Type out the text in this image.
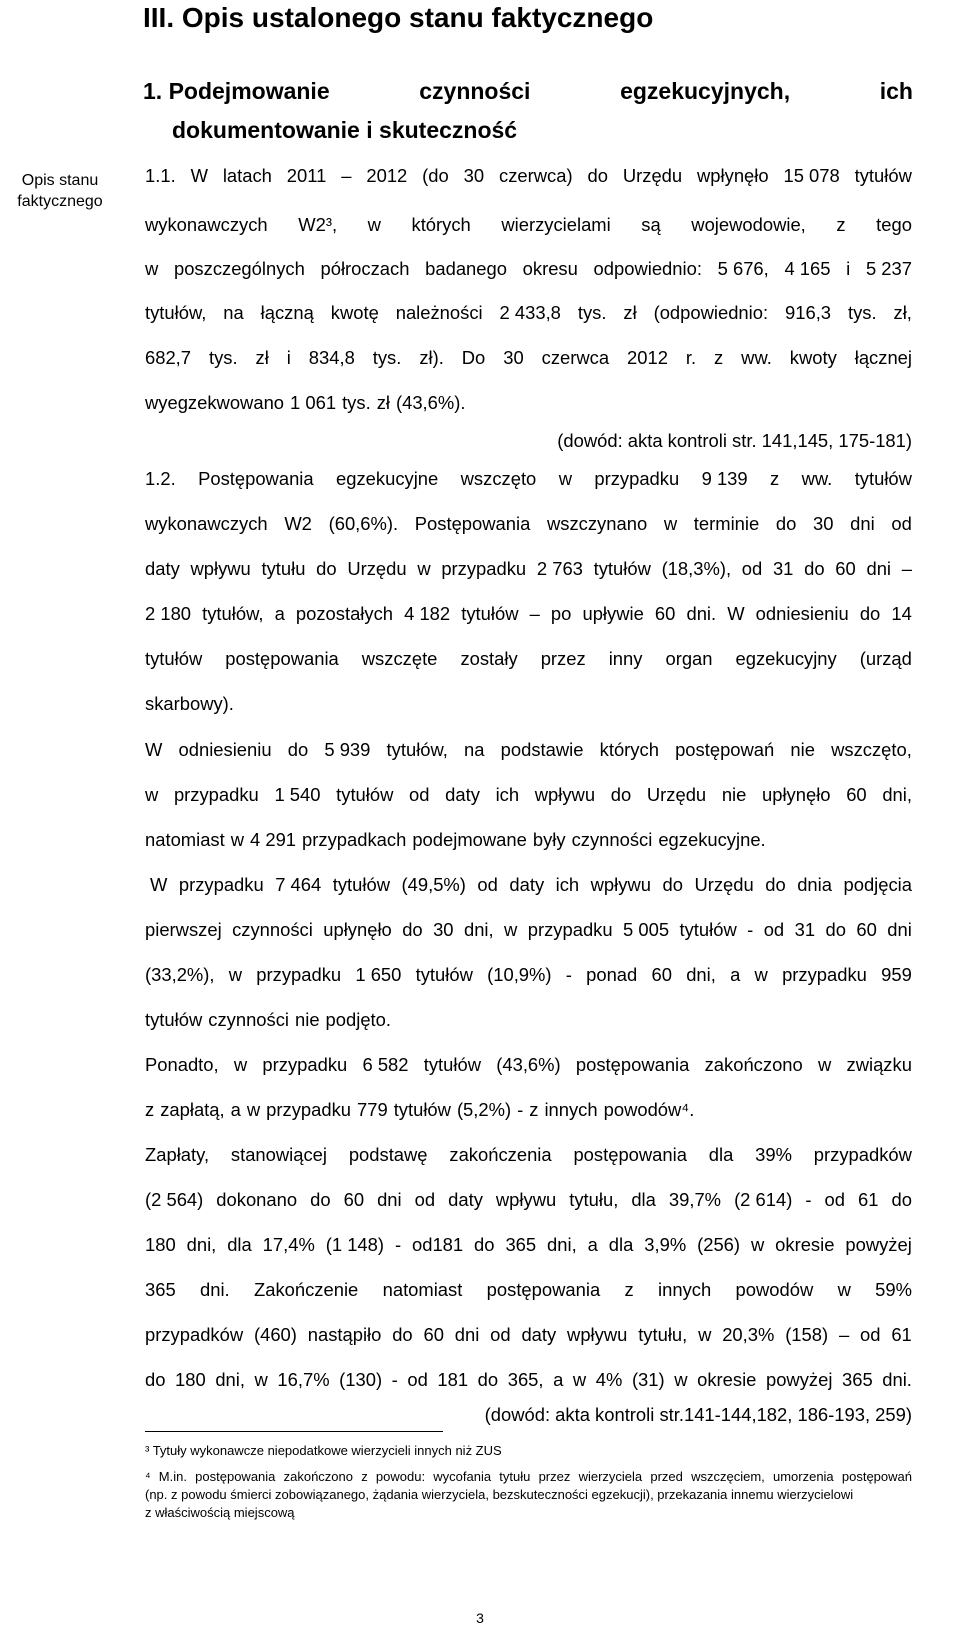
III. Opis ustalonego stanu faktycznego
Opis stanu
faktycznego
1. Podejmowanie	czynności	egzekucyjnych,	ich
dokumentowanie i skuteczność
1.1. W latach 2011 – 2012 (do 30 czerwca) do Urzędu wpłynęło 15 078 tytułów
wykonawczych W2³, w których wierzycielami są wojewodowie, z tego
w poszczególnych półroczach badanego okresu odpowiednio: 5 676, 4 165 i 5 237
tytułów, na łączną kwotę należności 2 433,8 tys. zł (odpowiednio: 916,3 tys. zł,
682,7 tys. zł i 834,8 tys. zł). Do 30 czerwca 2012 r. z ww. kwoty łącznej
wyegzekwowano 1 061 tys. zł (43,6%).
(dowód: akta kontroli str. 141,145, 175-181)
1.2. Postępowania egzekucyjne wszczęto w przypadku 9 139 z ww. tytułów
wykonawczych W2 (60,6%). Postępowania wszczynano w terminie do 30 dni od
daty wpływu tytułu do Urzędu w przypadku 2 763 tytułów (18,3%), od 31 do 60 dni –
2 180 tytułów, a pozostałych 4 182 tytułów – po upływie 60 dni. W odniesieniu do 14
tytułów postępowania wszczęte zostały przez inny organ egzekucyjny (urząd
skarbowy).
W odniesieniu do 5 939 tytułów, na podstawie których postępowań nie wszczęto,
w przypadku 1 540 tytułów od daty ich wpływu do Urzędu nie upłynęło 60 dni,
natomiast w 4 291 przypadkach podejmowane były czynności egzekucyjne.
W przypadku 7 464 tytułów (49,5%) od daty ich wpływu do Urzędu do dnia podjęcia
pierwszej czynności upłynęło do 30 dni, w przypadku 5 005 tytułów - od 31 do 60 dni
(33,2%), w przypadku 1 650 tytułów (10,9%) - ponad 60 dni, a w przypadku 959
tytułów czynności nie podjęto.
Ponadto, w przypadku 6 582 tytułów (43,6%) postępowania zakończono w związku
z zapłatą, a w przypadku 779 tytułów (5,2%) - z innych powodów⁴.
Zapłaty, stanowiącej podstawę zakończenia postępowania dla 39% przypadków
(2 564) dokonano do 60 dni od daty wpływu tytułu, dla 39,7% (2 614) - od 61 do
180 dni, dla 17,4% (1 148) - od181 do 365 dni, a dla 3,9% (256) w okresie powyżej
365 dni. Zakończenie natomiast postępowania z innych powodów w 59%
przypadków (460) nastąpiło do 60 dni od daty wpływu tytułu, w 20,3% (158) – od 61
do 180 dni, w 16,7% (130) - od 181 do 365, a w 4% (31) w okresie powyżej 365 dni.
(dowód: akta kontroli str.141-144,182, 186-193, 259)
³ Tytuły wykonawcze niepodatkowe wierzycieli innych niż ZUS
⁴ M.in. postępowania zakończono z powodu: wycofania tytułu przez wierzyciela przed wszczęciem, umorzenia postępowań
(np. z powodu śmierci zobowiązanego, żądania wierzyciela, bezskuteczności egzekucji), przekazania innemu wierzycielowi
z właściwością miejscową
3
